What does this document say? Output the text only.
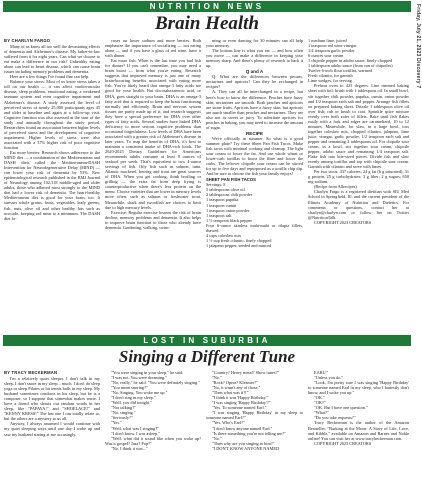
Friday, July 21, 2023 Discovery 7
NUTRITION NEWS
Brain Health
BY CHARLYN FARGO

Many of us know all too well the devastating effects of dementia and Alzheimer's disease. My father-in-law suffered from it for eight years. Can what we choose to eat make a difference in our risk? Unhealthy eating alone can lead to heart disease, which can cause brain issues including memory problems and dementia.

Here are a few things I've found that can help.

Balance your stress: Most of us know stress takes a toll on our health — it can affect cardiovascular disease, sleep problems, emotional eating, a weakened immune system and even cognitive impairment and Alzheimer's disease. A study assessed the level of perceived stress of nearly 25,000 participants ages 45 and older at baseline and again at a follow-up visit. Cognitive function was also assessed at the start of the study and annually throughout the study period. Researchers found an association between higher levels of perceived stress and the development of cognitive impairment. Higher levels of stress were also associated with a 37% higher risk of poor cognitive function.

Eat more berries: Research shows adherence to the MIND diet — a combination of the Mediterranean and DASH diets called the Mediterranean-DASH Intervention for Neurodegenerative Delay (MIND) — can lower your risk of dementia by 53%. New epidemiological research published in the BMJ Journal of Neurology among 102,318 middle-aged and older adults, those who adhered most strongly to the MIND diet had a lower risk of dementia. The heart-healthy Mediterranean diet is good for your brain, too. It stresses whole grains, fruits, vegetables, leafy greens, fish, nuts, olive oil and other healthy fats such as avocado, keeping red meat to a minimum. The DASH diet fo-

cuses on lower sodium and more berries. Both emphasize the importance of socializing — not eating alone — and if you have a glass of red wine, have it with dinner.

Eat more fish: When is the last time you had fish for dinner? If you can't remember, you may need a brain boost — from what you're eating. Research suggests that improved memory is just one of many brain-boosting benefits associated with eating more fish. You've likely heard that omega-3 fatty acids are good for your health. But docosahexaenoic acid, or DHA, goes straight to your brain. DHA is an omega-3 fatty acid that is required to keep the brain functioning normally and efficiently. Brain and nervous system tissues are partly made up of it, and research suggests they have a special preference for DHA over other types of fatty acids. Several studies have linked DHA deficiency to more serious cognitive problems than occasional forgetfulness. Low levels of DHA have been associated with a greater risk of Alzheimer's disease in later years. To reap the benefits of DHA, it's best to maintain a consistent intake of DHA-rich foods. The 2020-2025 Dietary Guidelines for Americans recommends adults consume at least 8 ounces of seafood per week. That's equivalent to two 4-ounce servings of fish. Oily fish such as salmon, tuna, Atlantic mackerel, herring and trout are great sources of DHA. When you get cooking, think broiling or grilling — the extra fat from deep frying is counterproductive when there's less protein on the menu. Choose varieties that are lower in mercury levels more often, such as salmon or freshwater trout. Meanwhile, shark and swordfish are choices to limit due to high mercury levels.

Exercise: Regular exercise lessens the risk of brain decline, memory problems and dementia. It also helps to improve brain function to those who already have dementia. Gardening, walking, swim-

ming or even dancing for 30 minutes can all help your memory.

The bottom line is what you eat — and how often you move — can make a difference in keeping your memory sharp. And there's plenty of research to back it up.

Q and A

Q: What are the differences between pecans, nectarines and apricots? Can they be exchanged in recipes?

A: They can all be interchanged in a recipe, but here's how to know the difference. Peaches have fuzzy skin; nectarines are smooth. Both peaches and apricots are stone fruits. Apricots have a fuzzy skin, but apricots are much smaller than peaches and nectarines. They are also not as sweet or juicy. To substitute apricots for peaches in baking, you may need to increase the amount of sugar.

RECIPE

We're officially in summer. So what is a good summer plate? Try these Sheet Pan Fish Tacos. Make fish tacos with minimal cooking and cleanup. The light sour cream to lower the fat. And use whole wheat or lower-carb tortillas to boost the fiber and lower the carbs. The leftover chipotle sour cream can be stirred for up to five days and repurposed as a tortilla chip dip. And be sure to choose the fish your family enjoys!

SHEET PAN FISH TACOS
Servings: 8

5 tablespoons olive oil

2 tablespoons chili powder

1 teaspoon paprika

1 teaspoon cumin

1 teaspoon onion powder

1 teaspoon salt

1 ½ teaspoon black pepper

Four 6-ounce skinless mahi-mahi or tilapia fillets, thawed

4 cups coleslaw mix

1 ½ cup fresh cilantro, finely chopped

1 jalapeno pepper, seeded and minced

1 medium lime, juiced

1 teaspoon red wine vinegar

1/4 teaspoon garlic powder

6 ounces sour cream

1 chipotle pepper in adobo sauce, finely chopped

1 tablespoon adobo sauce (from can of chipotles)

Twelve 6-inch flour tortillas, warmed

Fresh cilantro, for garnish

Lime wedges, for serving

Preheat oven to 425 degrees. Line rimmed baking sheet with foil; brush with 1 tablespoon oil. In small bowl, stir together chili powder, paprika, cumin, onion powder and 1/2 teaspoon each salt and pepper. Arrange fish fillets on prepared baking sheet. Drizzle 1 tablespoon olive oil over fish; rub or brush to coat. Sprinkle spice mixture evenly over both sides of fillets. Bake until fish flakes easily with a fork and edges are caramelized, 10 to 12 minutes. Meanwhile, for slaw, in a large bowl, toss together coleslaw mix, chopped cilantro, jalapeno, lime juice, vinegar, garlic powder, 1/2 teaspoon each salt and pepper and remaining 2 tablespoons oil. For chipotle sour cream, in a bowl, stir together sour cream, chipotle pepper, adobo sauce and remaining 1/4 teaspoon salt. Flake fish into bite-sized pieces. Divide fish and slaw evenly among tortillas and top with chipotle sour cream. Garnish with cilantro and serve with limes.

Per two tacos: 437 calories; 24 g fat (6 g saturated); 31 g protein, 25 g carbohydrates; 3 g fiber; 2 g sugars; 650 mg sodium.

(Recipe from Allrecipes)

Charlyn Fargo is a registered dietitian with SIU Med School in Springfield, Ill. and the current president of the Illinois Academy of Nutrition and Dietetics. For comments or questions, contact her at charlyn@charlyn.com or follow her on Twitter @NutritionTalk.

COPYRIGHT 2023 CREATORS

LOST IN SUBURBIA
Singing a Different Tune
BY TRACY BECKERMAN

I'm a relatively quiet sleeper. I don't talk in my sleep. I don't snore in my sleep... much. I don't do sleep yoga or sleep Pilates or hit tennis balls in my sleep. My husband sometimes conducts in his sleep, but he is a composer, so I suppose that somewhat makes sense. I have a friend who shouts out random words in her sleep, like "PAPAYA!" and "SHOELACE!" and "KENNY KRESS!" The last one I can totally relate to, but the others are a mystery to us all.

Anyway, I always assumed I would continue with my quiet sleeping ways until one day I woke up and saw my husband staring at me accusingly.

"You were singing in your sleep," he said.

"I was not. You were dreaming."

"No, really," he said. "You were definitely singing."

"You mean snoring?"

"No. Singing. You woke me up."

"I don't sing in my sleep."

"Well, you did tonight."

"Not talking?"

"No, singing."

"Seriously?"

"Yes."

"Well, what was I singing?"

"I don't know. I was asleep."

"Well, what did it sound like when you woke up? Was it gospel? Jazz? Pop?"

"No. I think it was..."

"Country? Heavy metal? Show tunes?"

"No."

"Rock? Opera? Klezmer?"

"No, it wasn't any of those."

"Then what was it?!"

"I think it was 'Happy Birthday.'"

"I was singing 'Happy Birthday'?"

"Yes. To someone named Earl."

"I was singing 'Happy Birthday' in my sleep to someone named Earl?"

"Yes. Who's Earl?"

"I don't know anyone named Earl."

"Is there something you're not telling me?"

"No."

"Then why are you singing to him?"

"I DON'T KNOW ANYONE NAMED

EARL!"

"Unless you do."

"Look, I'm pretty sure I was singing 'Happy Birthday' to someone named Earl in my sleep, who I honestly don't know, and I woke you up."

"OK."

"OK?"

"OK. But I have one question."

"What?"

"Do you take requests?"

Tracy Beckerman is the author of the Amazon Bestseller, "Barking at the Moon: A Story of Life, Love, and Kibble," available on Amazon and Barnes and Noble online! You can visit her at www.tracybeckerman.com.

COPYRIGHT 2023 CREATORS
